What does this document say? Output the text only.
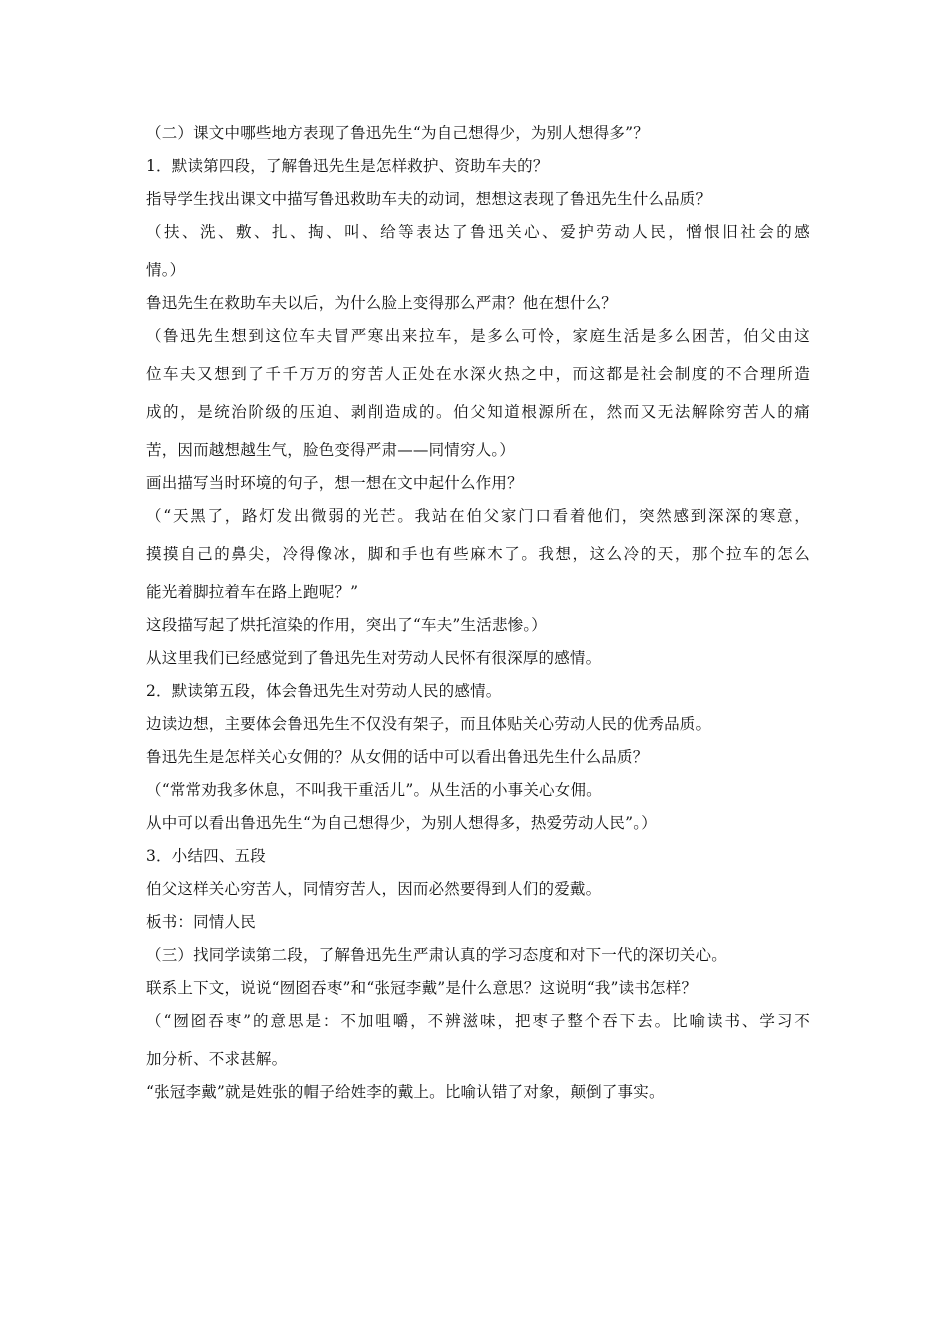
（二）课文中哪些地方表现了鲁迅先生“为自己想得少，为别人想得多”？
1．默读第四段，了解鲁迅先生是怎样救护、资助车夫的？
指导学生找出课文中描写鲁迅救助车夫的动词，想想这表现了鲁迅先生什么品质？
（扶、洗、敷、扎、掏、叫、给等表达了鲁迅关心、爱护劳动人民，憎恨旧社会的感
情。）
鲁迅先生在救助车夫以后，为什么脸上变得那么严肃？他在想什么？
（鲁迅先生想到这位车夫冒严寒出来拉车，是多么可怜，家庭生活是多么困苦，伯父由这
位车夫又想到了千千万万的穷苦人正处在水深火热之中，而这都是社会制度的不合理所造
成的，是统治阶级的压迫、剥削造成的。伯父知道根源所在，然而又无法解除穷苦人的痛
苦，因而越想越生气，脸色变得严肃——同情穷人。）
画出描写当时环境的句子，想一想在文中起什么作用？
（“天黑了，路灯发出微弱的光芒。我站在伯父家门口看着他们，突然感到深深的寒意，
摸摸自己的鼻尖，冷得像冰，脚和手也有些麻木了。我想，这么冷的天，那个拉车的怎么
能光着脚拉着车在路上跑呢？”
这段描写起了烘托渲染的作用，突出了“车夫”生活悲惨。）
从这里我们已经感觉到了鲁迅先生对劳动人民怀有很深厚的感情。
2．默读第五段，体会鲁迅先生对劳动人民的感情。
边读边想，主要体会鲁迅先生不仅没有架子，而且体贴关心劳动人民的优秀品质。
鲁迅先生是怎样关心女佣的？从女佣的话中可以看出鲁迅先生什么品质？
（“常常劝我多休息，不叫我干重活儿”。从生活的小事关心女佣。
从中可以看出鲁迅先生“为自己想得少，为别人想得多，热爱劳动人民”。）
3．小结四、五段
伯父这样关心穷苦人，同情穷苦人，因而必然要得到人们的爱戴。
板书：同情人民
（三）找同学读第二段，了解鲁迅先生严肃认真的学习态度和对下一代的深切关心。
联系上下文，说说“囫囵吞枣”和“张冠李戴”是什么意思？这说明“我”读书怎样？
（“囫囵吞枣”的意思是：不加咀嚼，不辨滋味，把枣子整个吞下去。比喻读书、学习不
加分析、不求甚解。
“张冠李戴”就是姓张的帽子给姓李的戴上。比喻认错了对象，颠倒了事实。
